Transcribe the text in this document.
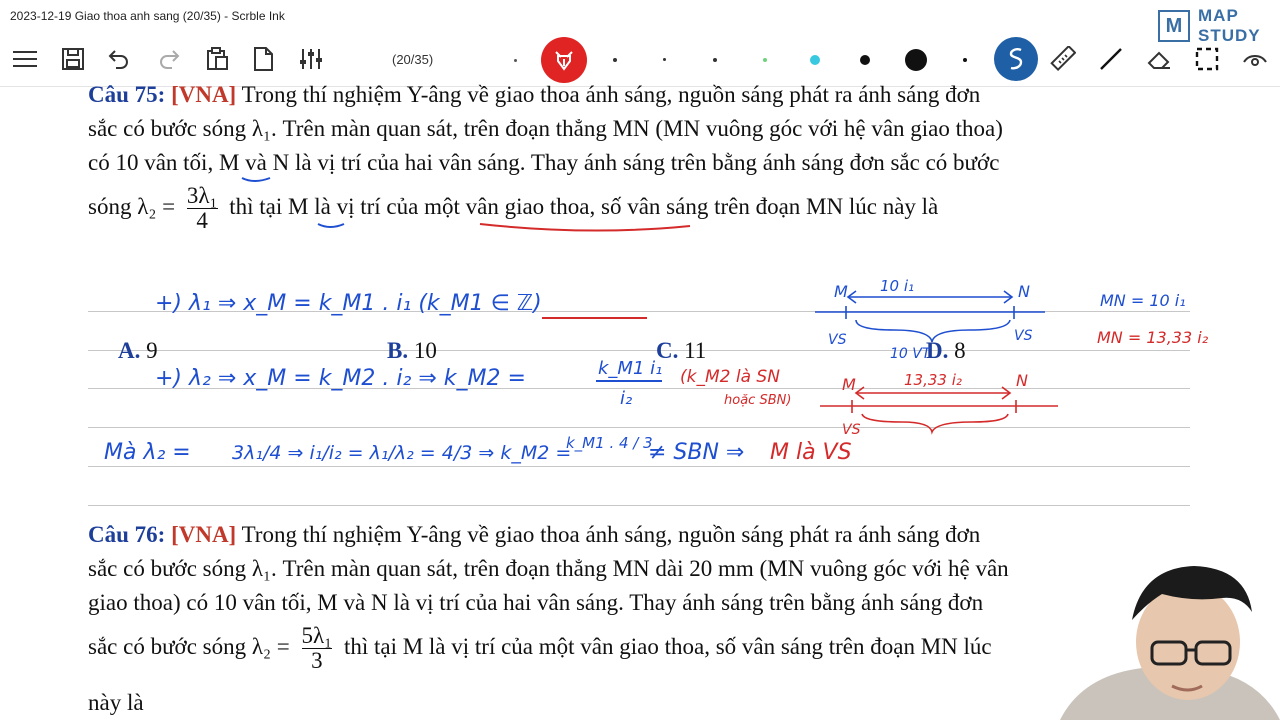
2023-12-19 Giao thoa anh sang (20/35) - Scrble Ink
(20/35)
M MAP
STUDY
Câu 75: [VNA] Trong thí nghiệm Y-âng về giao thoa ánh sáng, nguồn sáng phát ra ánh sáng đơn
sắc có bước sóng λ₁. Trên màn quan sát, trên đoạn thẳng MN (MN vuông góc với hệ vân giao thoa)
có 10 vân tối, M và N là vị trí của hai vân sáng. Thay ánh sáng trên bằng ánh sáng đơn sắc có bước
sóng $\lambda_2 = \frac{\text{3λ₁}}{4}$ thì tại M là vị trí của một vân giao thoa, số vân sáng trên đoạn MN lúc này là
A. 9	B. 10	C. 11	D. 8
Câu 76: [VNA] Trong thí nghiệm Y-âng về giao thoa ánh sáng, nguồn sáng phát ra ánh sáng đơn
sắc có bước sóng λ₁. Trên màn quan sát, trên đoạn thẳng MN dài 20 mm (MN vuông góc với hệ vân
giao thoa) có 10 vân tối, M và N là vị trí của hai vân sáng. Thay ánh sáng trên bằng ánh sáng đơn
sắc có bước sóng $\lambda_2 = \frac{\text{5λ₁}}{3}$ thì tại M là vị trí của một vân giao thoa, số vân sáng trên đoạn MN lúc
này là
+) λ₁ ⇒ x_M = k_M1 . i₁ (k_M1 ∈ ℤ)
+) λ₂ ⇒ x_M = k_M2 . i₂ ⇒ k_M2 =	k_M1 i₁
i₂
(k_M2 là SN
hoặc SBN)
Mà λ₂ = 3λ₁/4 ⇒ i₁/i₂ = λ₁/λ₂ = 4/3 ⇒ k_M2 =
k_M1 . 4 / 3
≠ SBN ⇒ M là VS
M	N
10 i₁
VS	VS
10 VT
M	N
13,33 i₂
VS
MN = 10 i₁
MN = 13,33 i₂
